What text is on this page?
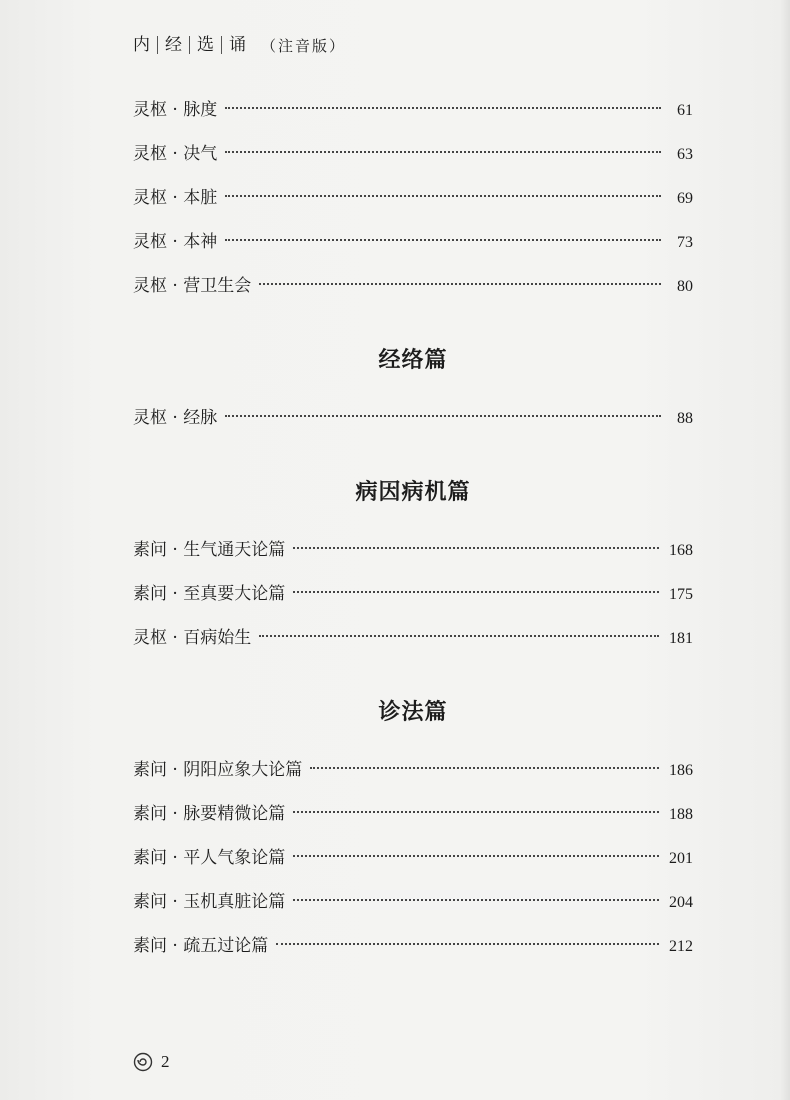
内 经 选 诵	（注音版）
灵枢 · 脉度	61
灵枢 · 决气	63
灵枢 · 本脏	69
灵枢 · 本神	73
灵枢 · 营卫生会	80
经络篇
灵枢 · 经脉	88
病因病机篇
素问 · 生气通天论篇	168
素问 · 至真要大论篇	175
灵枢 · 百病始生	181
诊法篇
素问 · 阴阳应象大论篇	186
素问 · 脉要精微论篇	188
素问 · 平人气象论篇	201
素问 · 玉机真脏论篇	204
素问 · 疏五过论篇	212
2
